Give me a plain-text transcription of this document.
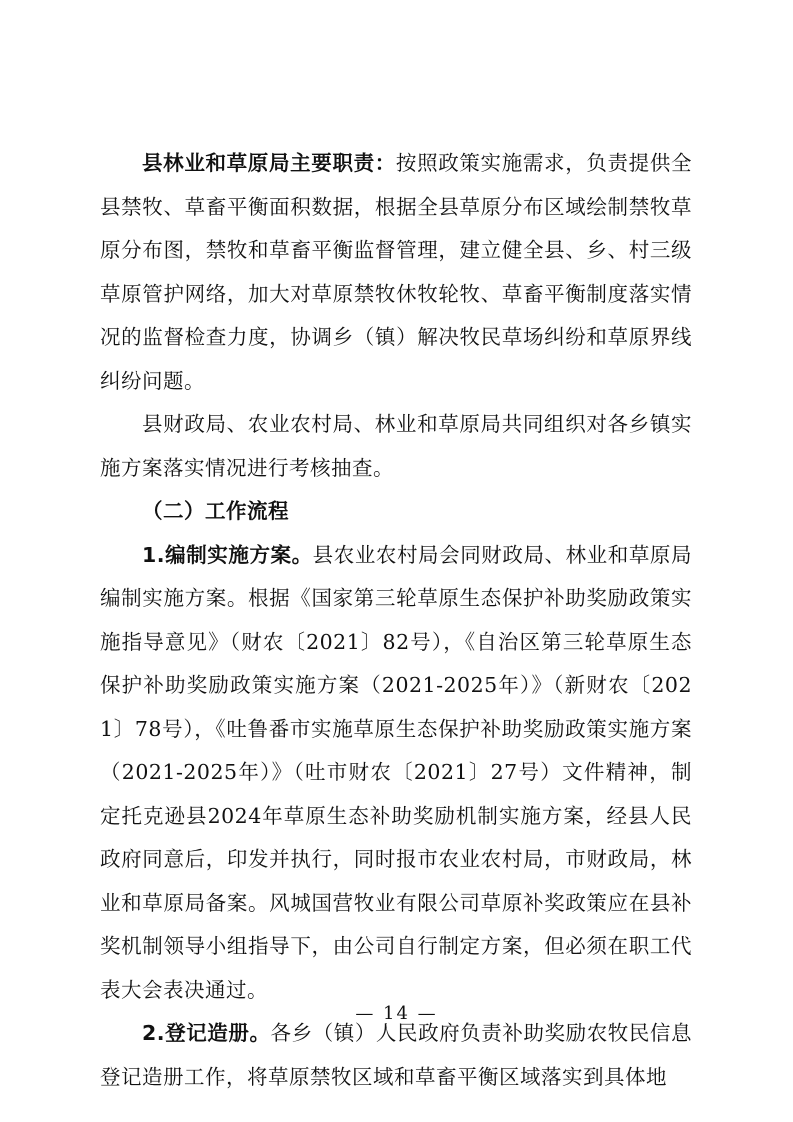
县林业和草原局主要职责：按照政策实施需求，负责提供全县禁牧、草畜平衡面积数据，根据全县草原分布区域绘制禁牧草原分布图，禁牧和草畜平衡监督管理，建立健全县、乡、村三级草原管护网络，加大对草原禁牧休牧轮牧、草畜平衡制度落实情况的监督检查力度，协调乡（镇）解决牧民草场纠纷和草原界线纠纷问题。

县财政局、农业农村局、林业和草原局共同组织对各乡镇实施方案落实情况进行考核抽查。

（二）工作流程

1.编制实施方案。县农业农村局会同财政局、林业和草原局编制实施方案。根据《国家第三轮草原生态保护补助奖励政策实施指导意见》（财农〔2021〕82号），《自治区第三轮草原生态保护补助奖励政策实施方案（2021-2025年）》（新财农〔2021〕78号），《吐鲁番市实施草原生态保护补助奖励政策实施方案（2021-2025年）》（吐市财农〔2021〕27号）文件精神，制定托克逊县2024年草原生态补助奖励机制实施方案，经县人民政府同意后，印发并执行，同时报市农业农村局，市财政局，林业和草原局备案。风城国营牧业有限公司草原补奖政策应在县补奖机制领导小组指导下，由公司自行制定方案，但必须在职工代表大会表决通过。

2.登记造册。各乡（镇）人民政府负责补助奖励农牧民信息登记造册工作，将草原禁牧区域和草畜平衡区域落实到具体地

— 14 —
